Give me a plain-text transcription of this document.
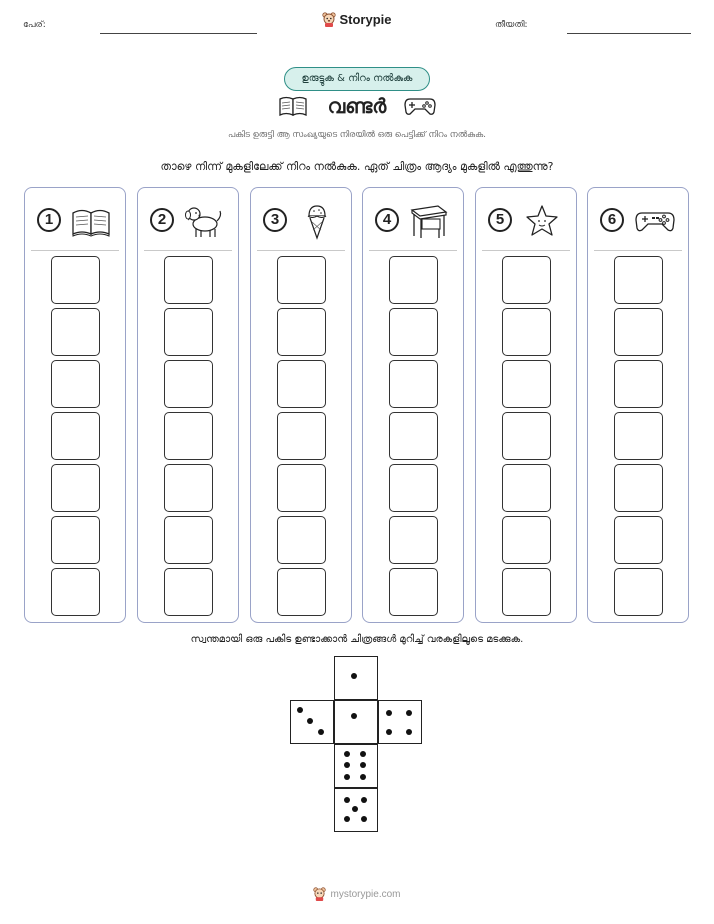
പേര്:	Storypie	തീയതി:
ഉരുട്ടുക & നിറം നൽകുക
വണ്ടർ
പകിട ഉരുട്ടി ആ സംഖ്യയുടെ നിരയിൽ ഒരു പെട്ടിക്ക് നിറം നൽകുക.
താഴെ നിന്ന് മുകളിലേക്ക് നിറം നൽകുക. ഏത് ചിത്രം ആദ്യം മുകളിൽ എത്തുന്നു?
1	2	3	4	5	6
സ്വന്തമായി ഒരു പകിട ഉണ്ടാക്കാൻ ചിത്രങ്ങൾ മുറിച്ച് വരകളിലൂടെ മടക്കുക.
mystorypie.com
